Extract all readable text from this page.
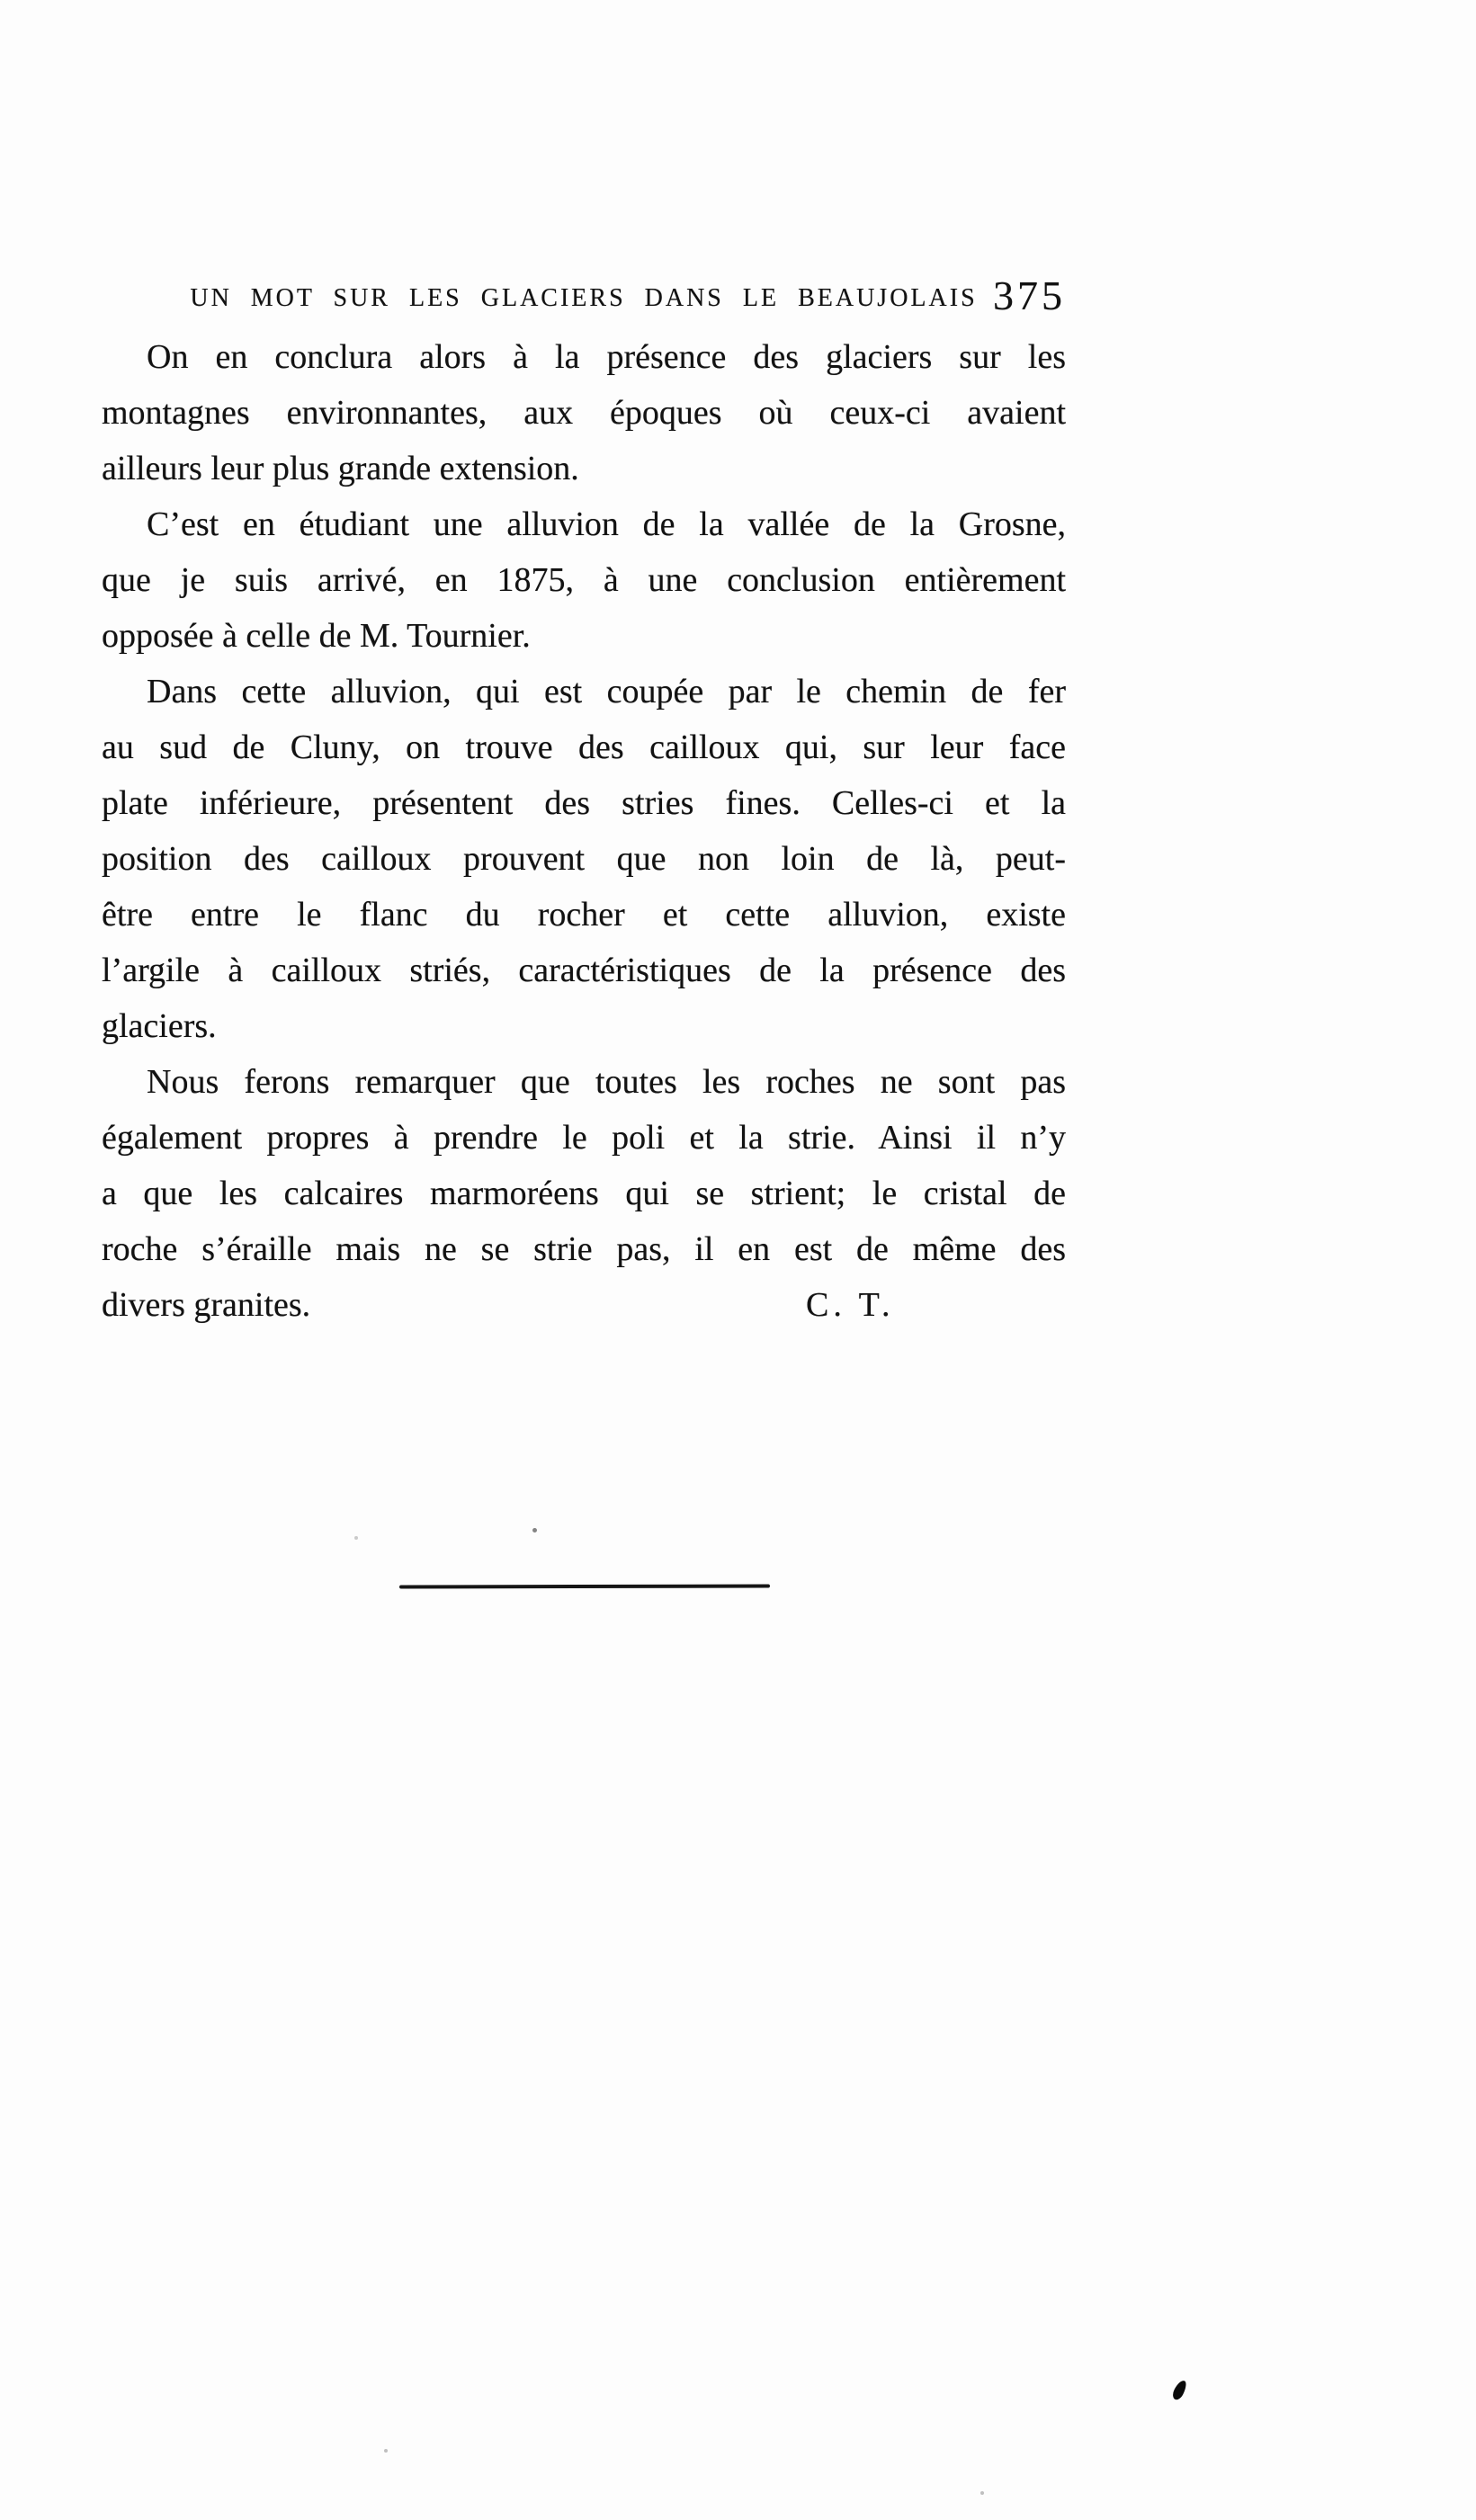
UN MOT SUR LES GLACIERS DANS LE BEAUJOLAIS 375

On en conclura alors à la présence des glaciers sur les
montagnes environnantes, aux époques où ceux-ci avaient
ailleurs leur plus grande extension.

C’est en étudiant une alluvion de la vallée de la Grosne,
que je suis arrivé, en 1875, à une conclusion entièrement
opposée à celle de M. Tournier.

Dans cette alluvion, qui est coupée par le chemin de fer
au sud de Cluny, on trouve des cailloux qui, sur leur face
plate inférieure, présentent des stries fines. Celles-ci et la
position des cailloux prouvent que non loin de là, peut-
être entre le flanc du rocher et cette alluvion, existe
l’argile à cailloux striés, caractéristiques de la présence des
glaciers.

Nous ferons remarquer que toutes les roches ne sont pas
également propres à prendre le poli et la strie. Ainsi il n’y
a que les calcaires marmoréens qui se strient; le cristal de
roche s’éraille mais ne se strie pas, il en est de même des

divers granites.	C. T.
